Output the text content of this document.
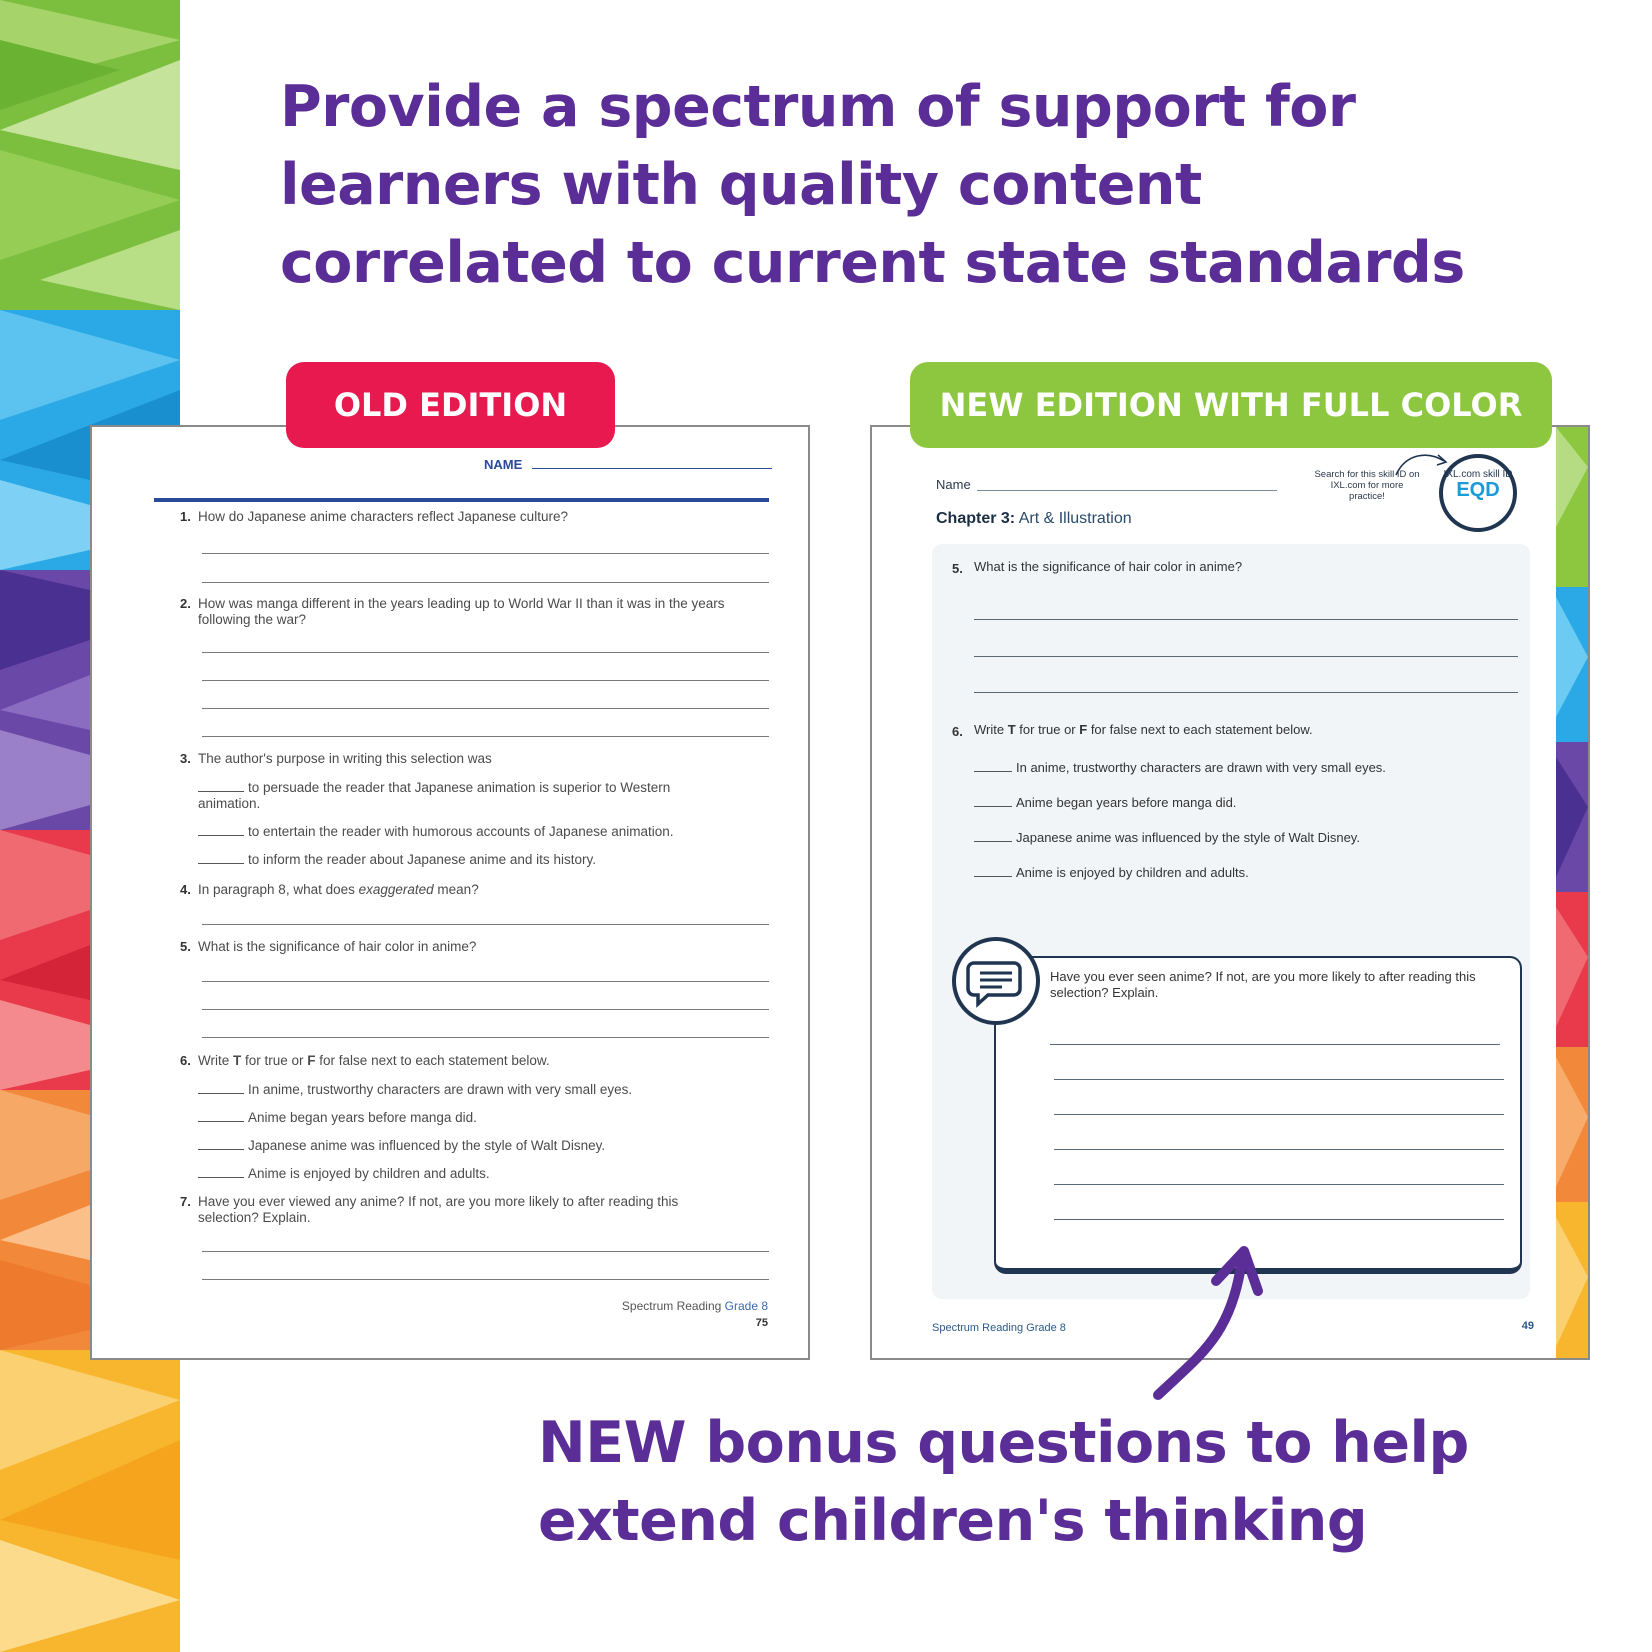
Provide a spectrum of support for
learners with quality content
correlated to current state standards
NAME
1. How do Japanese anime characters reflect Japanese culture?
2. How was manga different in the years leading up to World War II than it was in the years following the war?
3. The author's purpose in writing this selection was
to persuade the reader that Japanese animation is superior to Western animation.
to entertain the reader with humorous accounts of Japanese animation.
to inform the reader about Japanese anime and its history.
4. In paragraph 8, what does exaggerated mean?
5. What is the significance of hair color in anime?
6. Write T for true or F for false next to each statement below.
In anime, trustworthy characters are drawn with very small eyes.
Anime began years before manga did.
Japanese anime was influenced by the style of Walt Disney.
Anime is enjoyed by children and adults.
7. Have you ever viewed any anime? If not, are you more likely to after reading this selection? Explain.
Spectrum Reading Grade 8
75
OLD EDITION
Name
Chapter 3: Art & Illustration
Search for this skill ID on IXL.com for more practice!
IXL.com skill ID
EQD
5. What is the significance of hair color in anime?
6. Write T for true or F for false next to each statement below.
In anime, trustworthy characters are drawn with very small eyes.
Anime began years before manga did.
Japanese anime was influenced by the style of Walt Disney.
Anime is enjoyed by children and adults.
Have you ever seen anime? If not, are you more likely to after reading this selection? Explain.
Spectrum Reading Grade 8	49
NEW EDITION WITH FULL COLOR
NEW bonus questions to help
extend children's thinking
